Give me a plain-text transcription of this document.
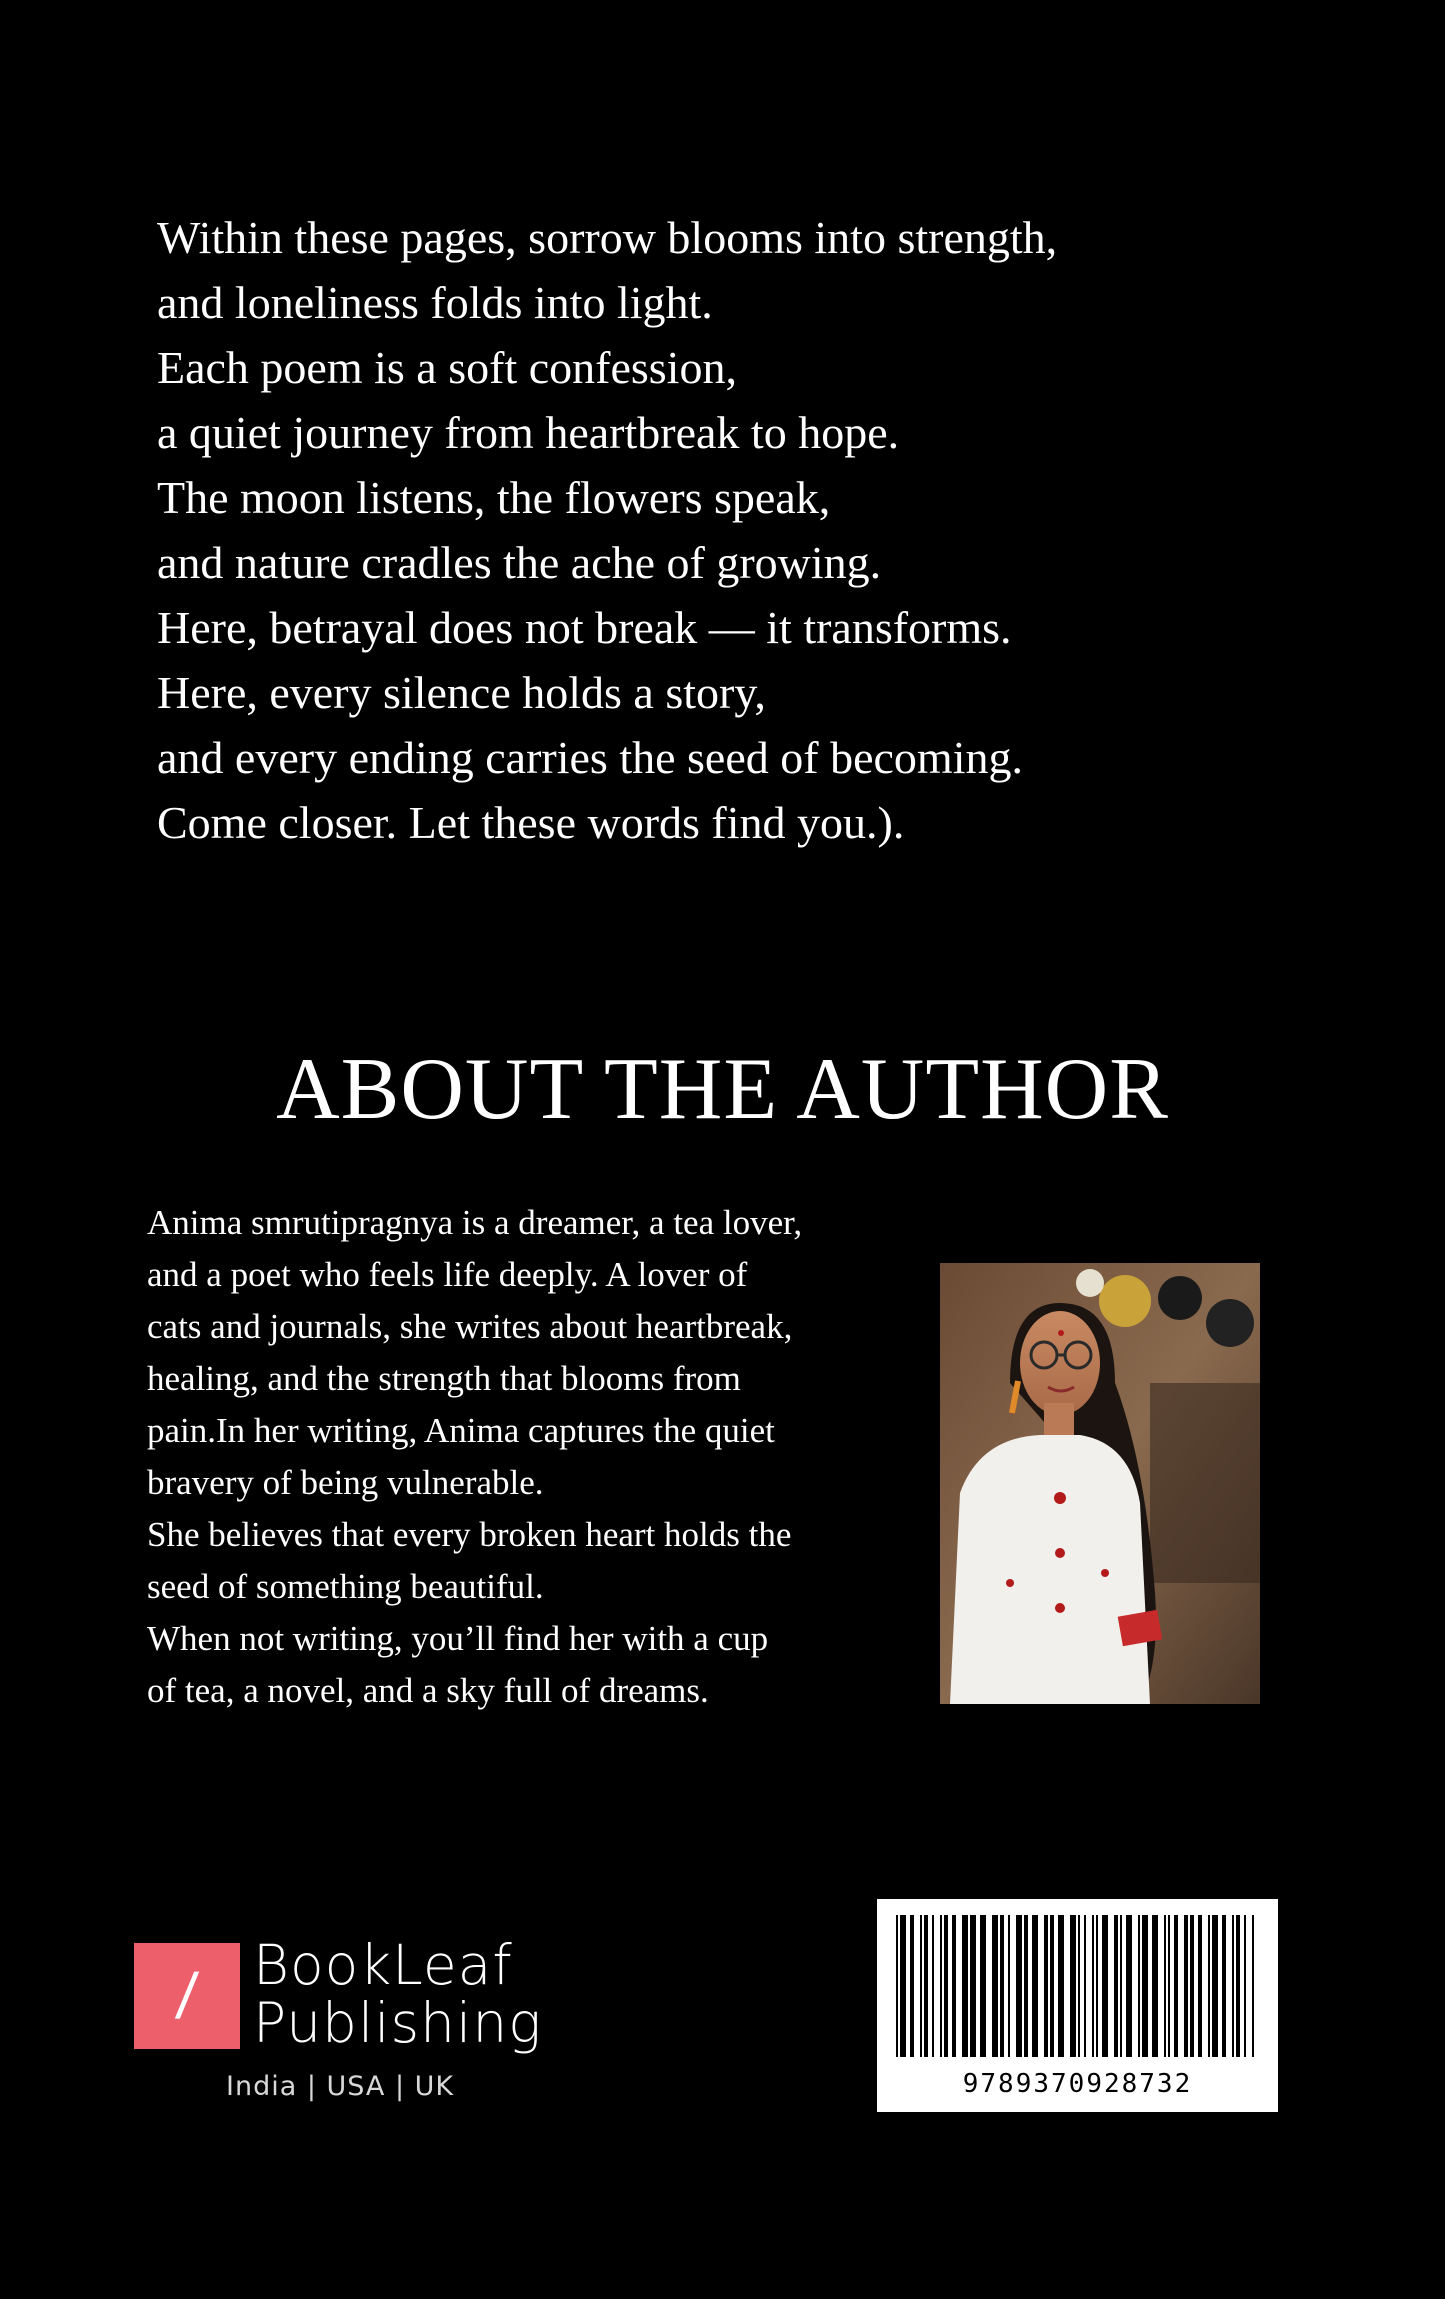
Within these pages, sorrow blooms into strength,
and loneliness folds into light.
Each poem is a soft confession,
a quiet journey from heartbreak to hope.
The moon listens, the flowers speak,
and nature cradles the ache of growing.
Here, betrayal does not break — it transforms.
Here, every silence holds a story,
and every ending carries the seed of becoming.
Come closer. Let these words find you.).
ABOUT THE AUTHOR
Anima smrutipragnya is a dreamer, a tea lover,
and a poet who feels life deeply. A lover of
cats and journals, she writes about heartbreak,
healing, and the strength that blooms from
pain.In her writing, Anima captures the quiet
bravery of being vulnerable.
She believes that every broken heart holds the
seed of something beautiful.
When not writing, you’ll find her with a cup
of tea, a novel, and a sky full of dreams.
/ BookLeaf
Publishing
India | USA | UK	9789370928732
